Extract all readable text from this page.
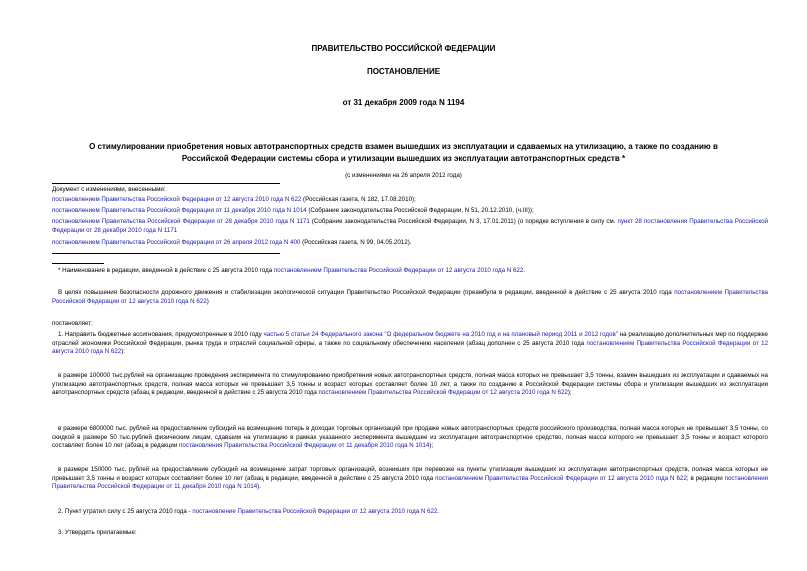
ПРАВИТЕЛЬСТВО РОССИЙСКОЙ ФЕДЕРАЦИИ
ПОСТАНОВЛЕНИЕ
от 31 декабря 2009 года N 1194
О стимулировании приобретения новых автотранспортных средств взамен вышедших из эксплуатации и сдаваемых на утилизацию, а также по созданию в
Российской Федерации системы сбора и утилизации вышедших из эксплуатации автотранспортных средств *
(с изменениями на 26 апреля 2012 года)
Документ с изменениями, внесенными:
постановлением Правительства Российской Федерации от 12 августа 2010 года N 622 (Российская газета, N 182, 17.08.2010);
постановлением Правительства Российской Федерации от 11 декабря 2010 года N 1014 (Собрание законодательства Российской Федерации, N 51, 20.12.2010, (ч.III));
постановлением Правительства Российской Федерации от 28 декабря 2010 года N 1171 (Собрание законодательства Российской Федерации, N 3, 17.01.2011) (о порядке вступления в силу см. пункт 28 постановления Правительства Российской Федерации от 28 декабря 2010 года N 1171
постановлением Правительства Российской Федерации от 26 апреля 2012 года N 400 (Российская газета, N 99, 04.05.2012).
* Наименование в редакции, введенной в действие с 25 августа 2010 года постановлением Правительства Российской Федерации от 12 августа 2010 года N 622.
В целях повышения безопасности дорожного движения и стабилизации экологической ситуации Правительство Российской Федерации (преамбула в редакции, введенной в действие с 25 августа 2010 года постановлением Правительства Российской Федерации от 12 августа 2010 года N 622)
постановляет:
1. Направить бюджетные ассигнования, предусмотренные в 2010 году частью 5 статьи 24 Федерального закона "О федеральном бюджете на 2010 год и на плановый период 2011 и 2012 годов" на реализацию дополнительных мер по поддержке отраслей экономики Российской Федерации, рынка труда и отраслей социальной сферы, а также по социальному обеспечению населения (абзац дополнен с 25 августа 2010 года постановлением Правительства Российской Федерации от 12 августа 2010 года N 622):
в размере 100000 тыс.рублей на организацию проведения эксперимента по стимулированию приобретения новых автотранспортных средств, полная масса которых не превышает 3,5 тонны, взамен вышедших из эксплуатации и сдаваемых на утилизацию автотранспортных средств, полная масса которых не превышает 3,5 тонны и возраст которых составляет более 10 лет, а также по созданию в Российской Федерации системы сбора и утилизации вышедших из эксплуатации автотранспортных средств (абзац в редакции, введенной в действие с 25 августа 2010 года постановлением Правительства Российской Федерации от 12 августа 2010 года N 622);
в размере 6800000 тыс. рублей на предоставление субсидий на возмещение потерь в доходах торговых организаций при продаже новых автотранспортных средств российского производства, полная масса которых не превышает 3,5 тонны, со скидкой в размере 50 тыс.рублей физическим лицам, сдавшим на утилизацию в рамках указанного эксперимента вышедшее из эксплуатации автотранспортное средство, полная масса которого не превышает 3,5 тонны и возраст которого составляет более 10 лет (абзац в редакции постановления Правительства Российской Федерации от 11 декабря 2010 года N 1014);
в размере 150000 тыс. рублей на предоставление субсидий на возмещение затрат торговых организаций, возникших при перевозке на пункты утилизации вышедших из эксплуатации автотранспортных средств, полная масса которых не превышает 3,5 тонны и возраст которых составляет более 10 лет (абзац в редакции, введенной в действие с 25 августа 2010 года постановлением Правительства Российской Федерации от 12 августа 2010 года N 622; в редакции постановления Правительства Российской Федерации от 11 декабря 2010 года N 1014).
2. Пункт утратил силу с 25 августа 2010 года - постановление Правительства Российской Федерации от 12 августа 2010 года N 622.
3. Утвердить прилагаемые:
